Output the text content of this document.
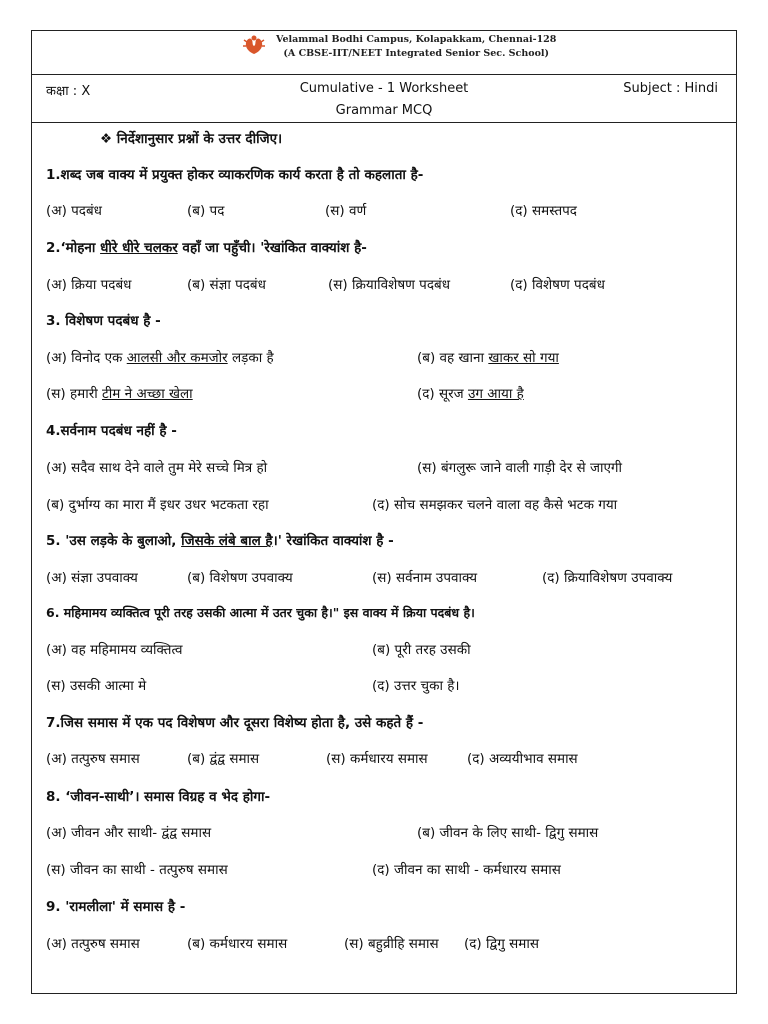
Velammal Bodhi Campus, Kolapakkam, Chennai-128
(A CBSE-IIT/NEET Integrated Senior Sec. School)
कक्षा : X	Cumulative - 1 Worksheet	Subject : Hindi
Grammar MCQ
❖ निर्देशानुसार प्रश्नों के उत्तर दीजिए।
1.शब्द जब वाक्य में प्रयुक्त होकर व्याकरणिक कार्य करता है तो कहलाता है-
(अ) पदबंध	(ब) पद	(स) वर्ण	(द) समस्तपद
2.‘मोहना धीरे धीरे चलकर वहाँ जा पहुँची। 'रेखांकित वाक्यांश है-
(अ) क्रिया पदबंध	(ब) संज्ञा पदबंध	(स) क्रियाविशेषण पदबंध	(द) विशेषण पदबंध
3. विशेषण पदबंध है -
(अ) विनोद एक आलसी और कमजोर लड़का है	(ब) वह खाना खाकर सो गया
(स) हमारी टीम ने अच्छा खेला	(द) सूरज उग आया है
4.सर्वनाम पदबंध नहीं है -
(अ) सदैव साथ देने वाले तुम मेरे सच्चे मित्र हो	(स) बंगलुरू जाने वाली गाड़ी देर से जाएगी
(ब) दुर्भाग्य का मारा मैं इधर उधर भटकता रहा	(द) सोच समझकर चलने वाला वह कैसे भटक गया
5. 'उस लड़के के बुलाओ, जिसके लंबे बाल है।' रेखांकित वाक्यांश है -
(अ) संज्ञा उपवाक्य	(ब) विशेषण उपवाक्य	(स) सर्वनाम उपवाक्य	(द) क्रियाविशेषण उपवाक्य
6. महिमामय व्यक्तित्व पूरी तरह उसकी आत्मा में उतर चुका है।" इस वाक्य में क्रिया पदबंध है।
(अ) वह महिमामय व्यक्तित्व	(ब) पूरी तरह उसकी
(स) उसकी आत्मा मे	(द) उत्तर चुका है।
7.जिस समास में एक पद विशेषण और दूसरा विशेष्य होता है, उसे कहते हैं -
(अ) तत्पुरुष समास	(ब) द्वंद्व समास	(स) कर्मधारय समास	(द) अव्ययीभाव समास
8. ‘जीवन-साथी’। समास विग्रह व भेद होगा-
(अ) जीवन और साथी- द्वंद्व समास	(ब) जीवन के लिए साथी- द्विगु समास
(स) जीवन का साथी - तत्पुरुष समास	(द) जीवन का साथी - कर्मधारय समास
9. 'रामलीला' में समास है -
(अ) तत्पुरुष समास	(ब) कर्मधारय समास	(स) बहुव्रीहि समास (द) द्विगु समास
